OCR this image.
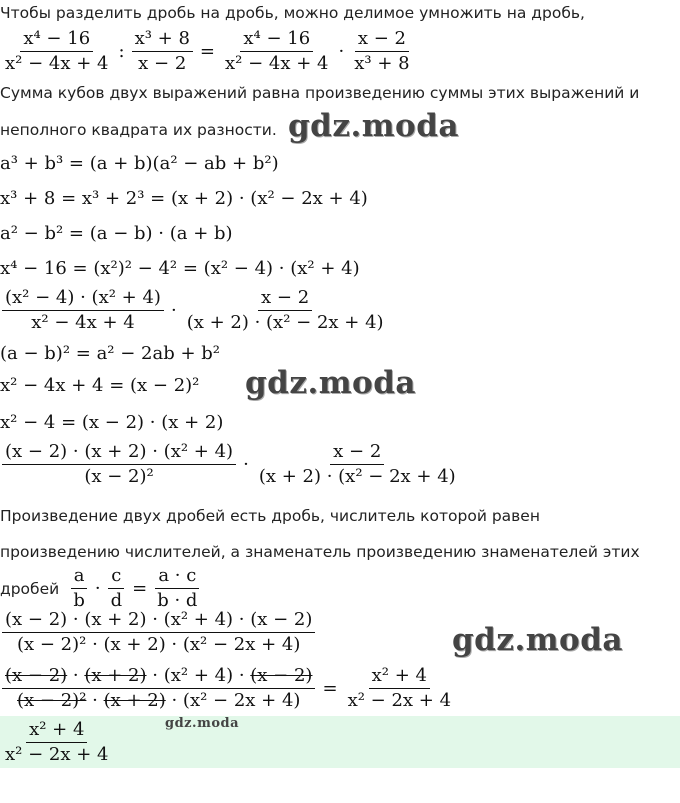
Чтобы разделить дробь на дробь, можно делимое умножить на дробь,
$\frac{\text{x⁴ − 16}}{\text{x² − 4x + 4}}$ : $\frac{\text{x³ + 8}}{x - 2} = \frac{\text{x⁴ − 16}}{\text{x² − 4x + 4}} \cdot \frac{x - 2}{\text{x³ + 8}}$
Сумма кубов двух выражений равна произведению суммы этих выражений и
неполного квадрата их разности. gdz.moda
a³ + b³ = (a + b)(a² − ab + b²)
x³ + 8 = x³ + 2³ = (x + 2) · (x² − 2x + 4)
a² − b² = (a − b) · (a + b)
x⁴ − 16 = (x²)² − 4² = (x² − 4) · (x² + 4)
$\frac{\text{(x² − 4) · (x² + 4)}}{\text{x² − 4x + 4}} \cdot \frac{x - 2}{\text{(x + 2) · (x² − 2x + 4)}}$
(a − b)² = a² − 2ab + b²
x² − 4x + 4 = (x − 2)² gdz.moda
x² − 4 = (x − 2) · (x + 2)
$\frac{\text{(x − 2) · (x + 2) · (x² + 4)}}{\text{(x − 2)²}} \cdot \frac{x - 2}{\text{(x + 2) · (x² − 2x + 4)}}$
Произведение двух дробей есть дробь, числитель которой равен
произведению числителей, а знаменатель произведению знаменателей этих
дробей $\frac{a}{b} \cdot \frac{c}{d} = \frac{a \cdot c}{b \cdot d}$
$\frac{\text{(x − 2) · (x + 2) · (x² + 4) · (x − 2)}}{\text{(x − 2)² · (x + 2) · (x² − 2x + 4)}}$	gdz.moda
$\frac{\text{(x − 2) · (x + 2) · (x² + 4) · (x − 2)}}{\text{(x − 2)² · (x + 2) · (x² − 2x + 4)}} = \frac{\text{x² + 4}}{\text{x² − 2x + 4}}$
gdz.moda
$\frac{\text{x² + 4}}{\text{x² − 2x + 4}}$
